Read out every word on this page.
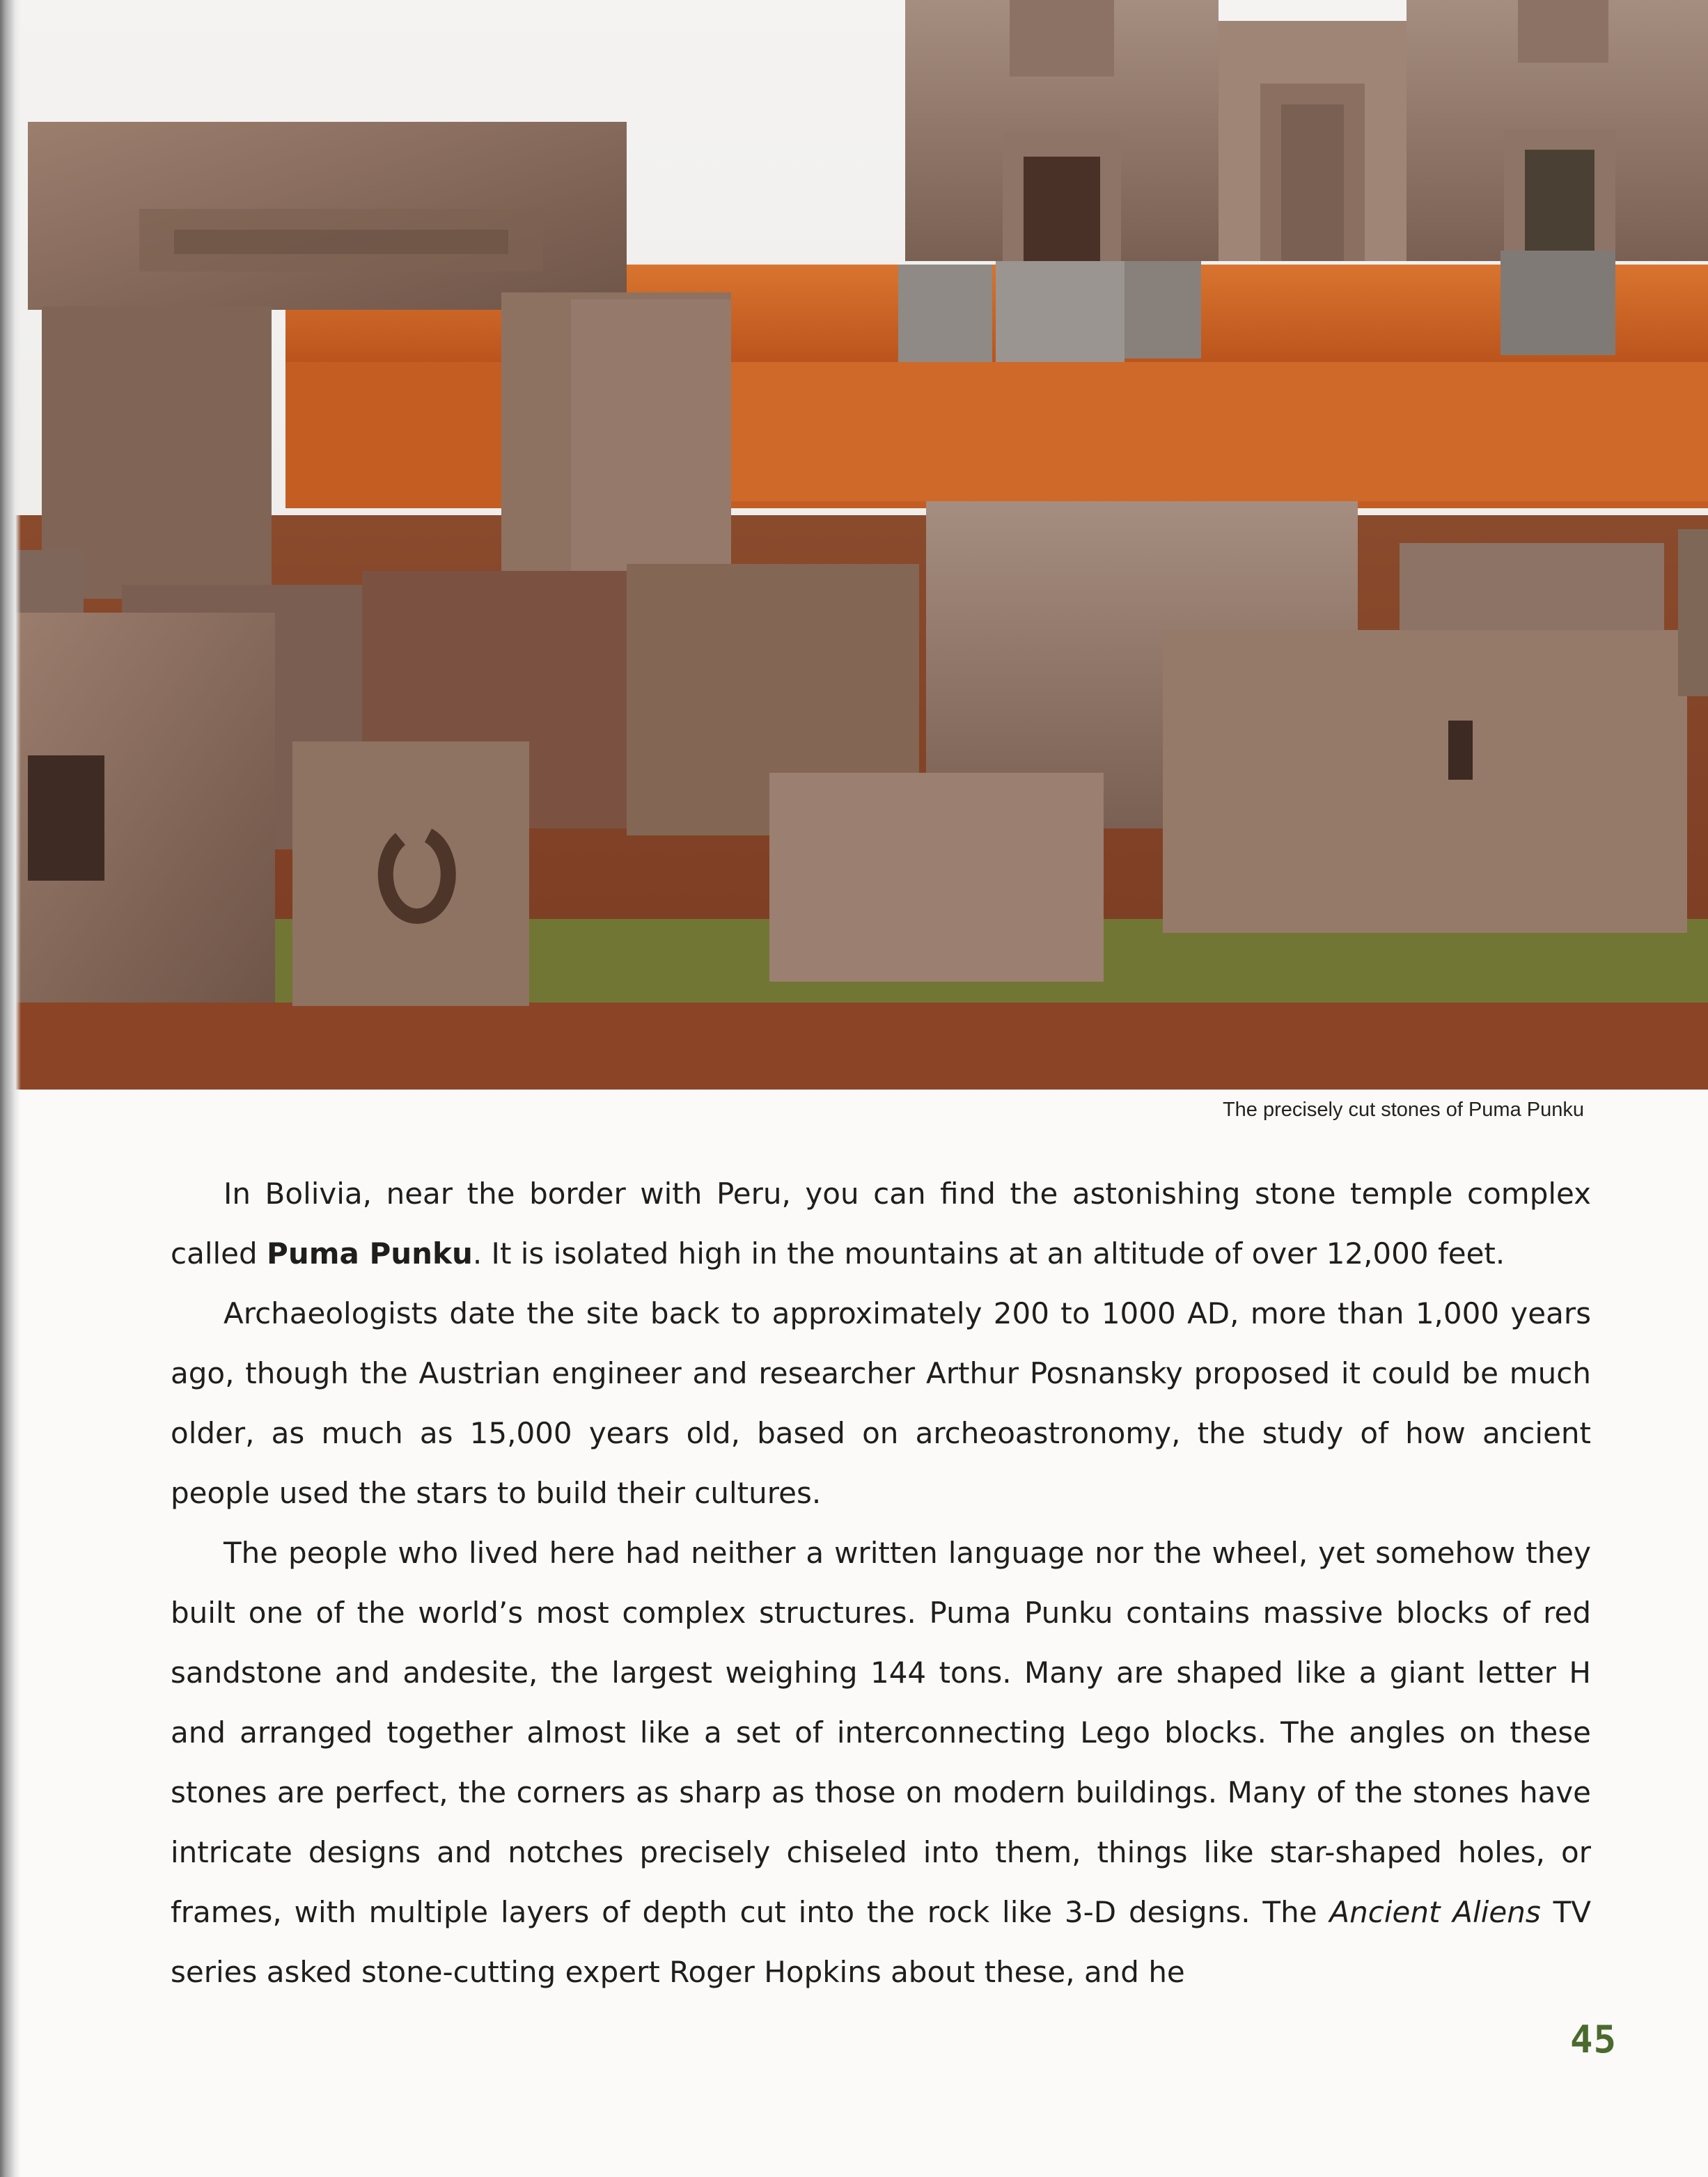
The precisely cut stones of Puma Punku

In Bolivia, near the border with Peru, you can find the astonishing stone temple complex called Puma Punku. It is isolated high in the mountains at an altitude of over 12,000 feet.

Archaeologists date the site back to approximately 200 to 1000 AD, more than 1,000 years ago, though the Austrian engineer and researcher Arthur Posnansky proposed it could be much older, as much as 15,000 years old, based on archeoastronomy, the study of how ancient people used the stars to build their cultures.

The people who lived here had neither a written language nor the wheel, yet somehow they built one of the world’s most complex structures. Puma Punku contains massive blocks of red sandstone and andesite, the largest weighing 144 tons. Many are shaped like a giant letter H and arranged together almost like a set of interconnecting Lego blocks. The angles on these stones are perfect, the corners as sharp as those on modern buildings. Many of the stones have intricate designs and notches precisely chiseled into them, things like star-shaped holes, or frames, with multiple layers of depth cut into the rock like 3-D designs. The Ancient Aliens TV series asked stone-cutting expert Roger Hopkins about these, and he

45
